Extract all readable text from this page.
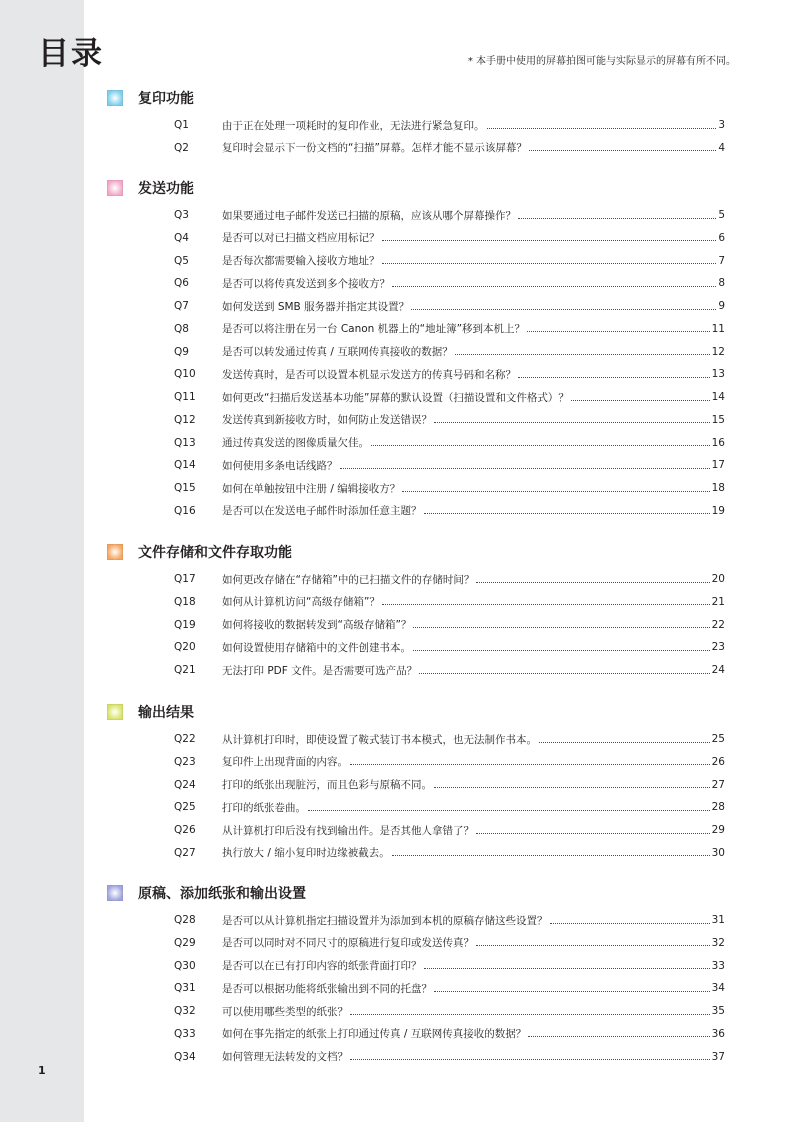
目录	* 本手册中使用的屏幕拍图可能与实际显示的屏幕有所不同。
1
复印功能
Q1	由于正在处理一项耗时的复印作业，无法进行紧急复印。	3
Q2	复印时会显示下一份文档的“扫描”屏幕。怎样才能不显示该屏幕？	4
发送功能
Q3	如果要通过电子邮件发送已扫描的原稿，应该从哪个屏幕操作？	5
Q4	是否可以对已扫描文档应用标记？	6
Q5	是否每次都需要输入接收方地址？	7
Q6	是否可以将传真发送到多个接收方？	8
Q7	如何发送到 SMB 服务器并指定其设置？	9
Q8	是否可以将注册在另一台 Canon 机器上的“地址簿”移到本机上？	11
Q9	是否可以转发通过传真 / 互联网传真接收的数据？	12
Q10	发送传真时，是否可以设置本机显示发送方的传真号码和名称？	13
Q11	如何更改“扫描后发送基本功能”屏幕的默认设置（扫描设置和文件格式）？	14
Q12	发送传真到新接收方时，如何防止发送错误？	15
Q13	通过传真发送的图像质量欠佳。	16
Q14	如何使用多条电话线路？	17
Q15	如何在单触按钮中注册 / 编辑接收方？	18
Q16	是否可以在发送电子邮件时添加任意主题？	19
文件存储和文件存取功能
Q17	如何更改存储在“存储箱”中的已扫描文件的存储时间？	20
Q18	如何从计算机访问“高级存储箱”？	21
Q19	如何将接收的数据转发到“高级存储箱”？	22
Q20	如何设置使用存储箱中的文件创建书本。	23
Q21	无法打印 PDF 文件。是否需要可选产品？	24
输出结果
Q22	从计算机打印时，即使设置了鞍式装订书本模式，也无法制作书本。	25
Q23	复印件上出现背面的内容。	26
Q24	打印的纸张出现脏污，而且色彩与原稿不同。	27
Q25	打印的纸张卷曲。	28
Q26	从计算机打印后没有找到输出件。是否其他人拿错了？	29
Q27	执行放大 / 缩小复印时边缘被截去。	30
原稿、添加纸张和输出设置
Q28	是否可以从计算机指定扫描设置并为添加到本机的原稿存储这些设置？	31
Q29	是否可以同时对不同尺寸的原稿进行复印或发送传真？	32
Q30	是否可以在已有打印内容的纸张背面打印？	33
Q31	是否可以根据功能将纸张输出到不同的托盘？	34
Q32	可以使用哪些类型的纸张？	35
Q33	如何在事先指定的纸张上打印通过传真 / 互联网传真接收的数据？	36
Q34	如何管理无法转发的文档？	37
